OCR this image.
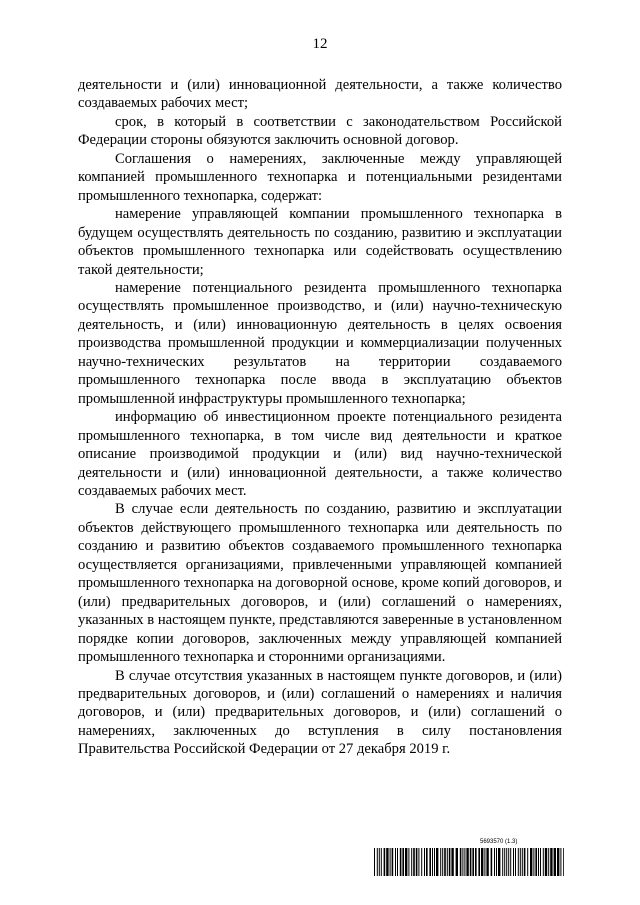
12

деятельности и (или) инновационной деятельности, а также количество создаваемых рабочих мест;

срок, в который в соответствии с законодательством Российской Федерации стороны обязуются заключить основной договор.

Соглашения о намерениях, заключенные между управляющей компанией промышленного технопарка и потенциальными резидентами промышленного технопарка, содержат:

намерение управляющей компании промышленного технопарка в будущем осуществлять деятельность по созданию, развитию и эксплуатации объектов промышленного технопарка или содействовать осуществлению такой деятельности;

намерение потенциального резидента промышленного технопарка осуществлять промышленное производство, и (или) научно-техническую деятельность, и (или) инновационную деятельность в целях освоения производства промышленной продукции и коммерциализации полученных научно-технических результатов на территории создаваемого промышленного технопарка после ввода в эксплуатацию объектов промышленной инфраструктуры промышленного технопарка;

информацию об инвестиционном проекте потенциального резидента промышленного технопарка, в том числе вид деятельности и краткое описание производимой продукции и (или) вид научно-технической деятельности и (или) инновационной деятельности, а также количество создаваемых рабочих мест.

В случае если деятельность по созданию, развитию и эксплуатации объектов действующего промышленного технопарка или деятельность по созданию и развитию объектов создаваемого промышленного технопарка осуществляется организациями, привлеченными управляющей компанией промышленного технопарка на договорной основе, кроме копий договоров, и (или) предварительных договоров, и (или) соглашений о намерениях, указанных в настоящем пункте, представляются заверенные в установленном порядке копии договоров, заключенных между управляющей компанией промышленного технопарка и сторонними организациями.

В случае отсутствия указанных в настоящем пункте договоров, и (или) предварительных договоров, и (или) соглашений о намерениях и наличия договоров, и (или) предварительных договоров, и (или) соглашений о намерениях, заключенных до вступления в силу постановления Правительства Российской Федерации от 27 декабря 2019 г.

5693570 (1.3)
